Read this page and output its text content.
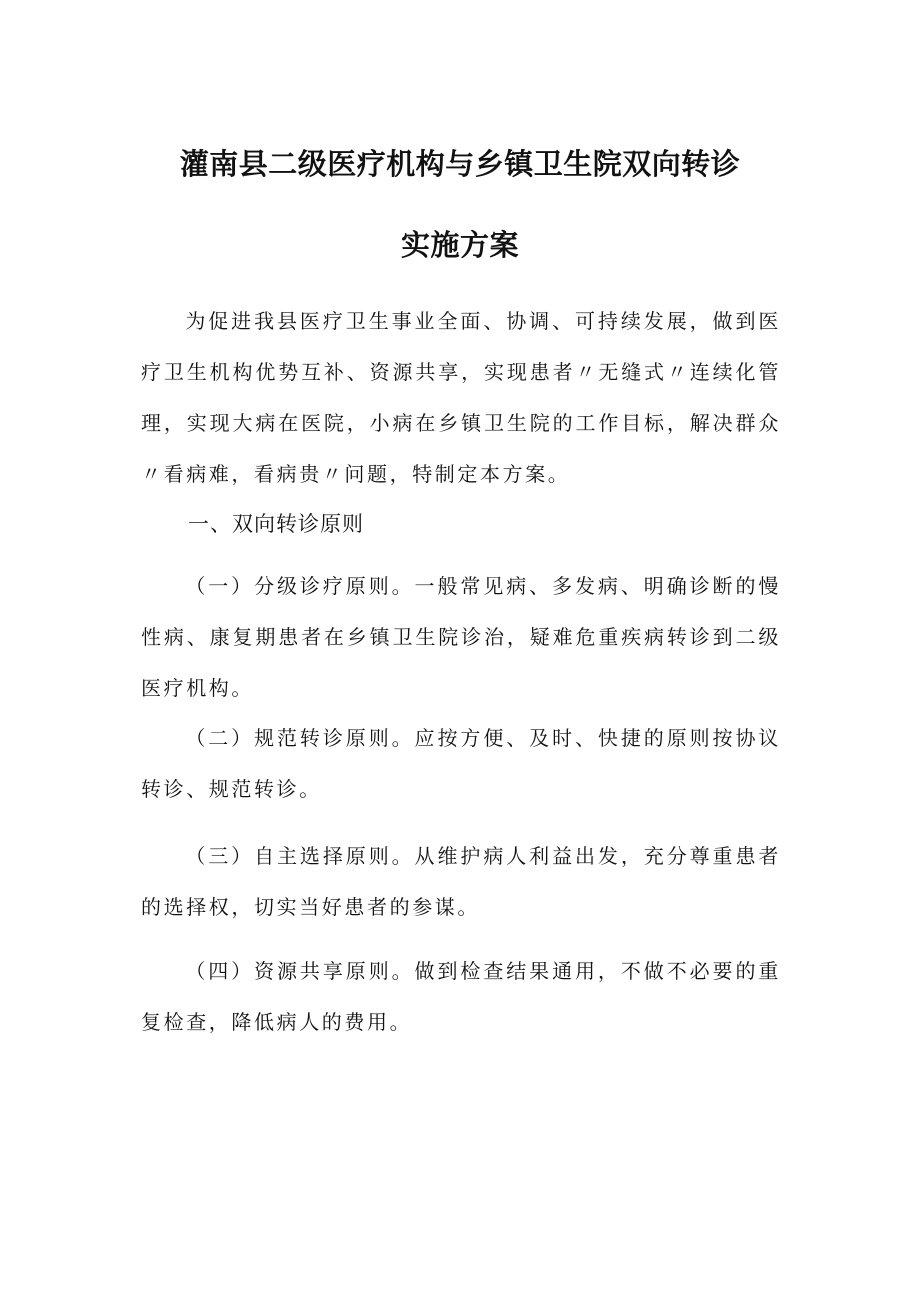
灌南县二级医疗机构与乡镇卫生院双向转诊
实施方案
为促进我县医疗卫生事业全面、协调、可持续发展，做到医疗卫生机构优势互补、资源共享，实现患者〃无缝式〃连续化管理，实现大病在医院，小病在乡镇卫生院的工作目标，解决群众〃看病难，看病贵〃问题，特制定本方案。
一、双向转诊原则
（一）分级诊疗原则。一般常见病、多发病、明确诊断的慢性病、康复期患者在乡镇卫生院诊治，疑难危重疾病转诊到二级医疗机构。
（二）规范转诊原则。应按方便、及时、快捷的原则按协议转诊、规范转诊。
（三）自主选择原则。从维护病人利益出发，充分尊重患者的选择权，切实当好患者的参谋。
（四）资源共享原则。做到检查结果通用，不做不必要的重复检查，降低病人的费用。
